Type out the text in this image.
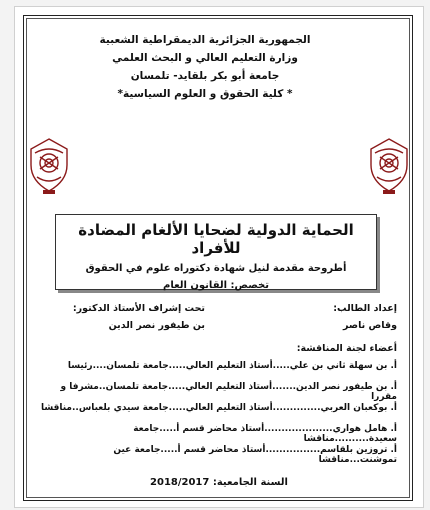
الجمهورية الجزائرية الديمقراطية الشعبية
وزارة التعليم العالي و البحث العلمي
جامعة أبو بكر بلقايد- تلمسان
* كلية الحقوق و العلوم السياسية*
الحماية الدولية لضحايا الألغام المضادة للأفراد
أطروحة مقدمة لنيل شهادة دكتوراه علوم في الحقوق
تخصص: القانون العام
إعداد الطالب:
وقاص ناصر
تحت إشراف الأستاذ الدكتور:
بن طيفور نصر الدين
أعضاء لجنة المناقشة:
أ. بن سهلة ثاني بن علي.....أستاذ التعليم العالي.....جامعة تلمسان....رئيسا
أ. بن طيفور نصر الدين.......أستاذ التعليم العالي.....جامعة تلمسان..مشرفا و مقررا
أ. بوكعبان العربي..............أستاذ التعليم العالي.....جامعة سيدي بلعباس..مناقشا
أ. هامل هواري....................أستاذ محاضر قسم أ.....جامعة سعيدة..........مناقشا
أ. تروزين بلقاسم................أستاذ محاضر قسم أ.....جامعة عين تموشنت...مناقشا
السنة الجامعية: 2018/2017
